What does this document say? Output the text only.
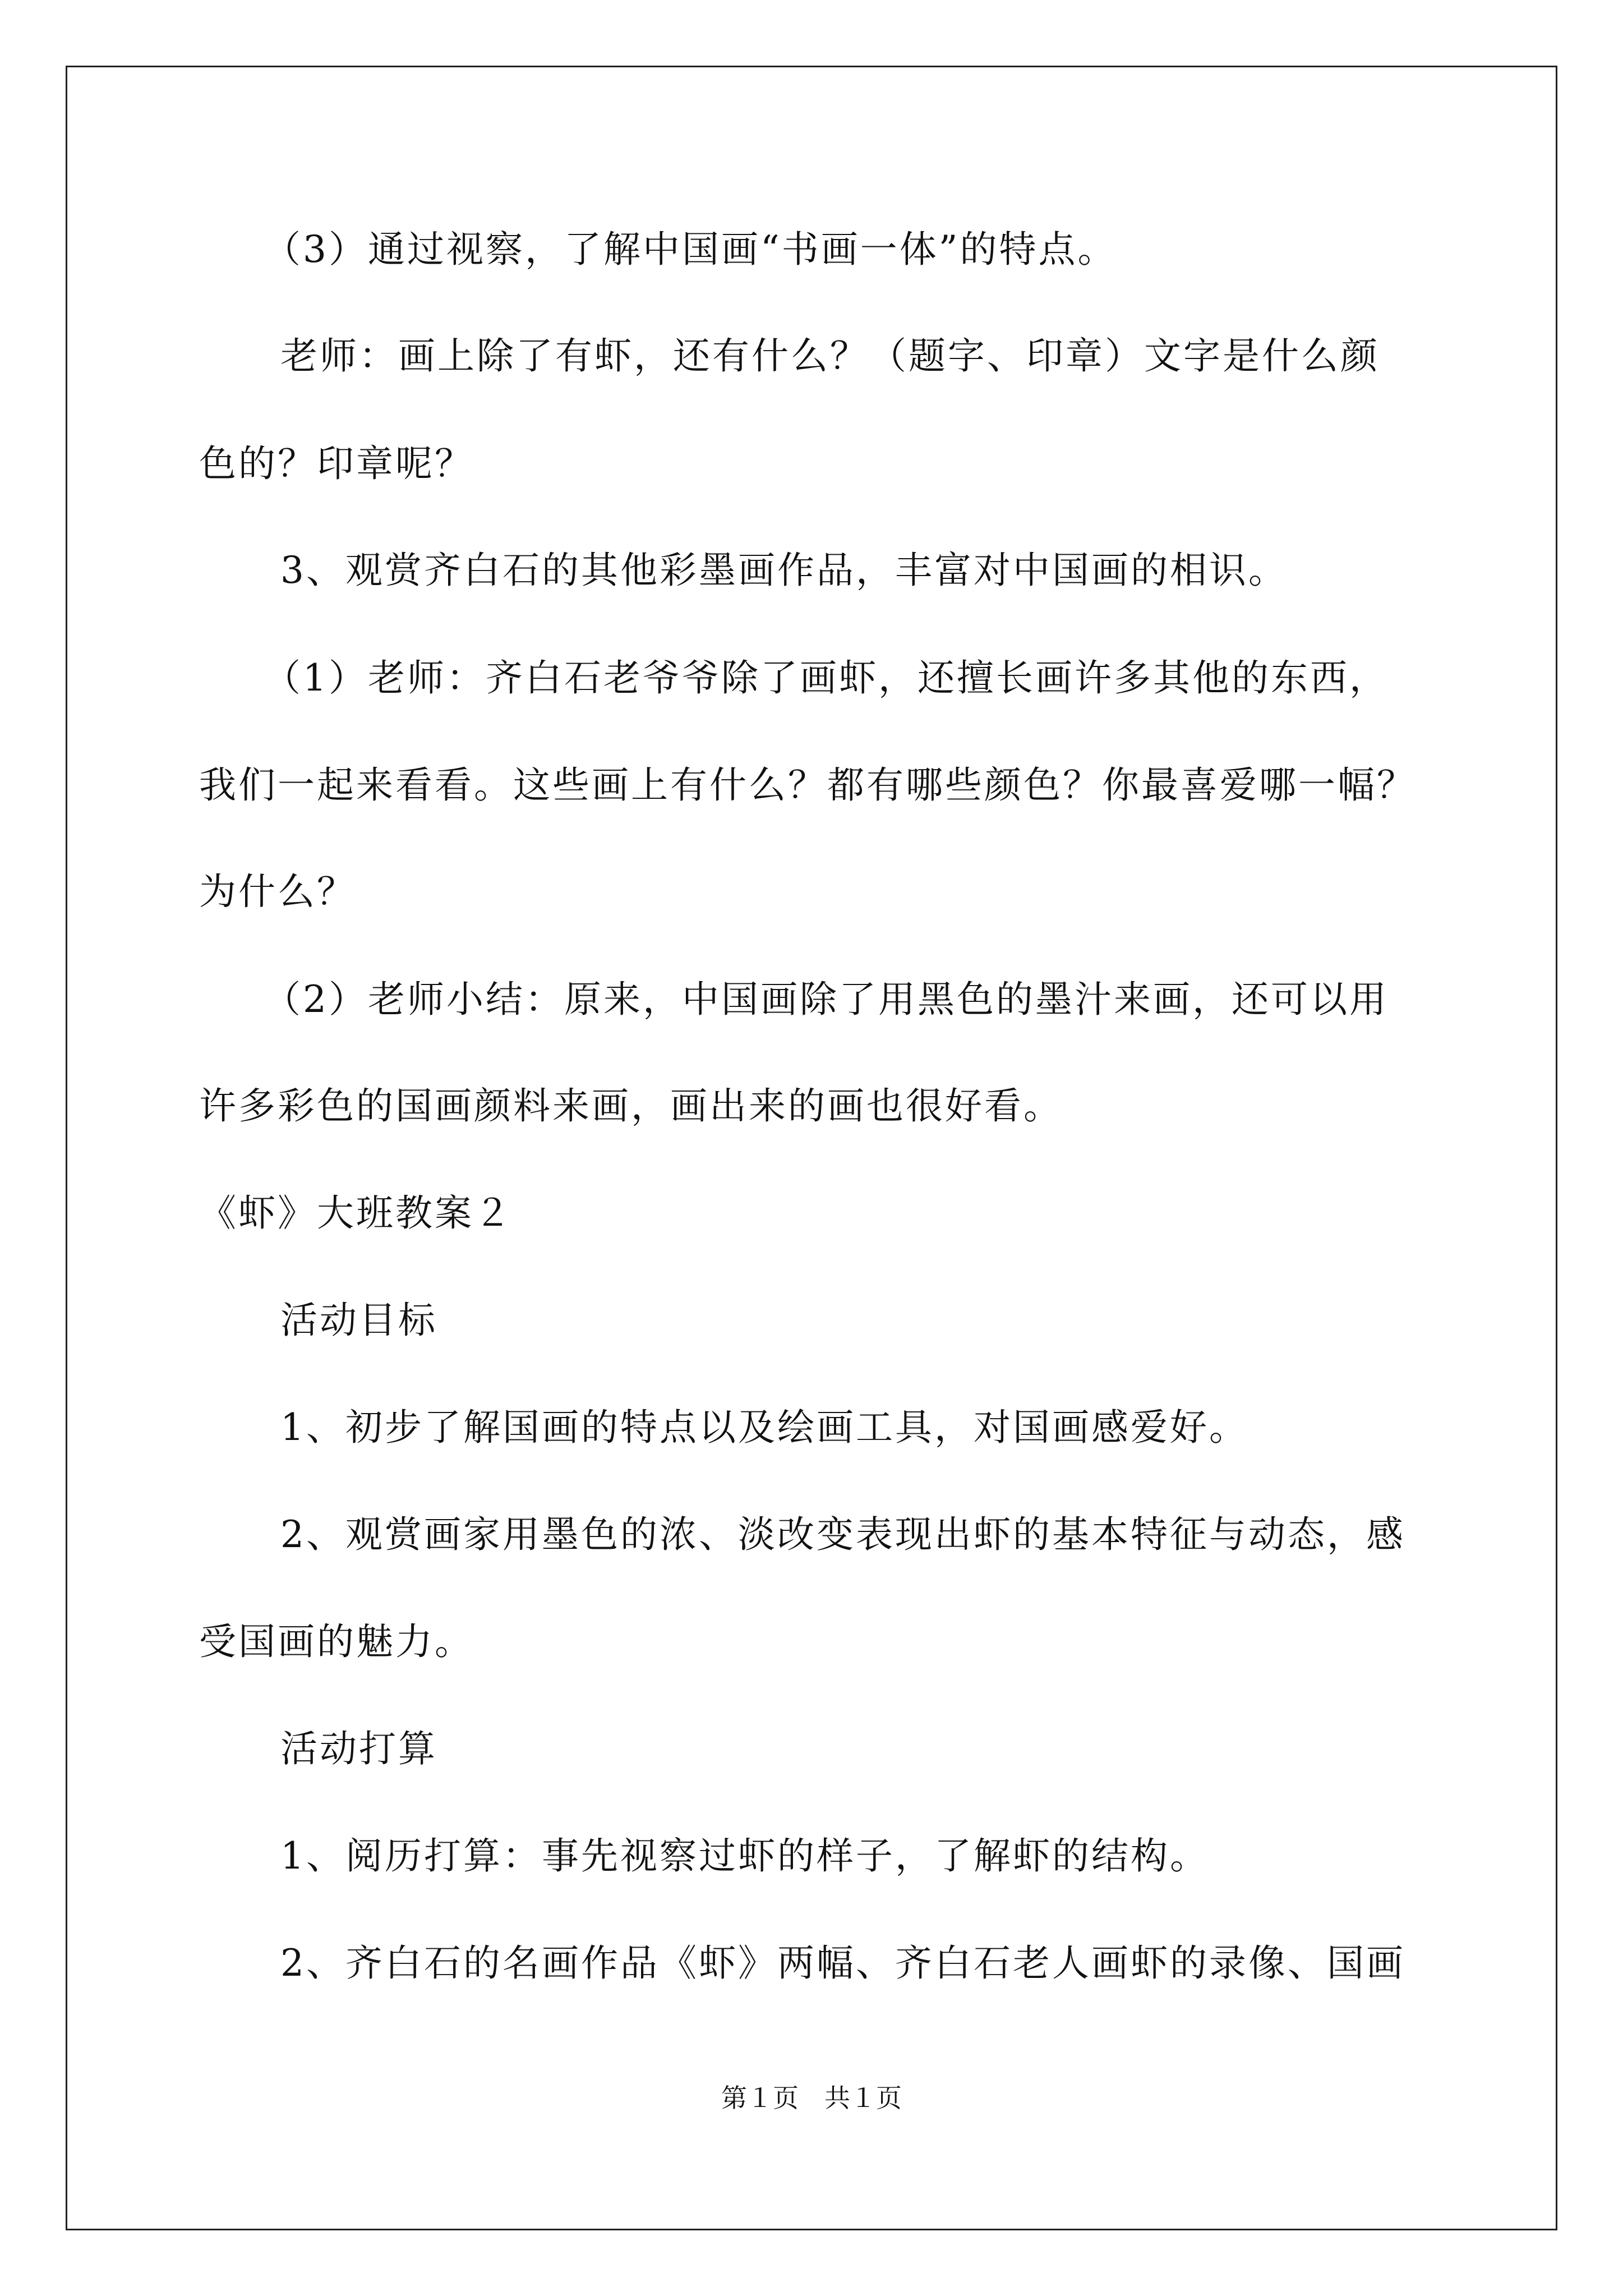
（3）通过视察，了解中国画“书画一体”的特点。

老师：画上除了有虾，还有什么？（题字、印章）文字是什么颜

色的？印章呢？

3、观赏齐白石的其他彩墨画作品，丰富对中国画的相识。

（1）老师：齐白石老爷爷除了画虾，还擅长画许多其他的东西，

我们一起来看看。这些画上有什么？都有哪些颜色？你最喜爱哪一幅？

为什么？

（2）老师小结：原来，中国画除了用黑色的墨汁来画，还可以用

许多彩色的国画颜料来画，画出来的画也很好看。

《虾》大班教案２

活动目标

1、初步了解国画的特点以及绘画工具，对国画感爱好。

2、观赏画家用墨色的浓、淡改变表现出虾的基本特征与动态，感

受国画的魅力。

活动打算

1、阅历打算：事先视察过虾的样子，了解虾的结构。

2、齐白石的名画作品《虾》两幅、齐白石老人画虾的录像、国画

第１页　共１页
